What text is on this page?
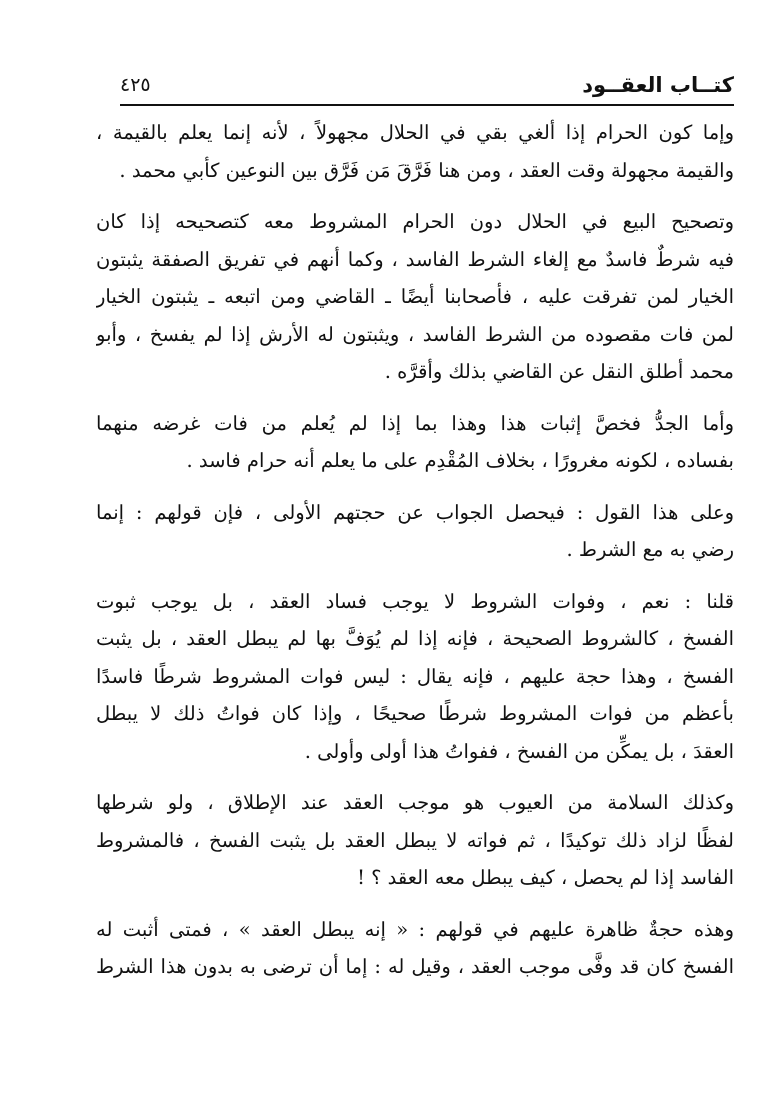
كتــاب العقــود
٤٢٥
وإما كون الحرام إذا ألغي بقي في الحلال مجهولاً ، لأنه إنما يعلم بالقيمة ،
والقيمة مجهولة وقت العقد ، ومن هنا فَرَّقَ مَن فَرَّق بين النوعين كأبي محمد .
وتصحيح البيع في الحلال دون الحرام المشروط معه كتصحيحه إذا كان
فيه شرطٌ فاسدٌ مع إلغاء الشرط الفاسد ، وكما أنهم في تفريق الصفقة يثبتون
الخيار لمن تفرقت عليه ، فأصحابنا أيضًا ـ القاضي ومن اتبعه ـ يثبتون الخيار
لمن فات مقصوده من الشرط الفاسد ، ويثبتون له الأرش إذا لم يفسخ ، وأبو
محمد أطلق النقل عن القاضي بذلك وأقرَّه .
وأما الجدُّ فخصَّ إثبات هذا وهذا بما إذا لم يُعلم من فات غرضه منهما
بفساده ، لكونه مغرورًا ، بخلاف المُقْدِم على ما يعلم أنه حرام فاسد .
وعلى هذا القول : فيحصل الجواب عن حجتهم الأولى ، فإن قولهم : إنما
رضي به مع الشرط .
قلنا : نعم ، وفوات الشروط لا يوجب فساد العقد ، بل يوجب ثبوت
الفسخ ، كالشروط الصحيحة ، فإنه إذا لم يُوَفَّ بها لم يبطل العقد ، بل يثبت
الفسخ ، وهذا حجة عليهم ، فإنه يقال : ليس فوات المشروط شرطًا فاسدًا
بأعظم من فوات المشروط شرطًا صحيحًا ، وإذا كان فواتُ ذلك لا يبطل
العقدَ ، بل يمكِّن من الفسخ ، ففواتُ هذا أولى وأولى .
وكذلك السلامة من العيوب هو موجب العقد عند الإطلاق ، ولو شرطها
لفظًا لزاد ذلك توكيدًا ، ثم فواته لا يبطل العقد بل يثبت الفسخ ، فالمشروط
الفاسد إذا لم يحصل ، كيف يبطل معه العقد ؟ !
وهذه حجةٌ ظاهرة عليهم في قولهم : « إنه يبطل العقد » ، فمتى أثبت له
الفسخ كان قد وفَّى موجب العقد ، وقيل له : إما أن ترضى به بدون هذا الشرط
